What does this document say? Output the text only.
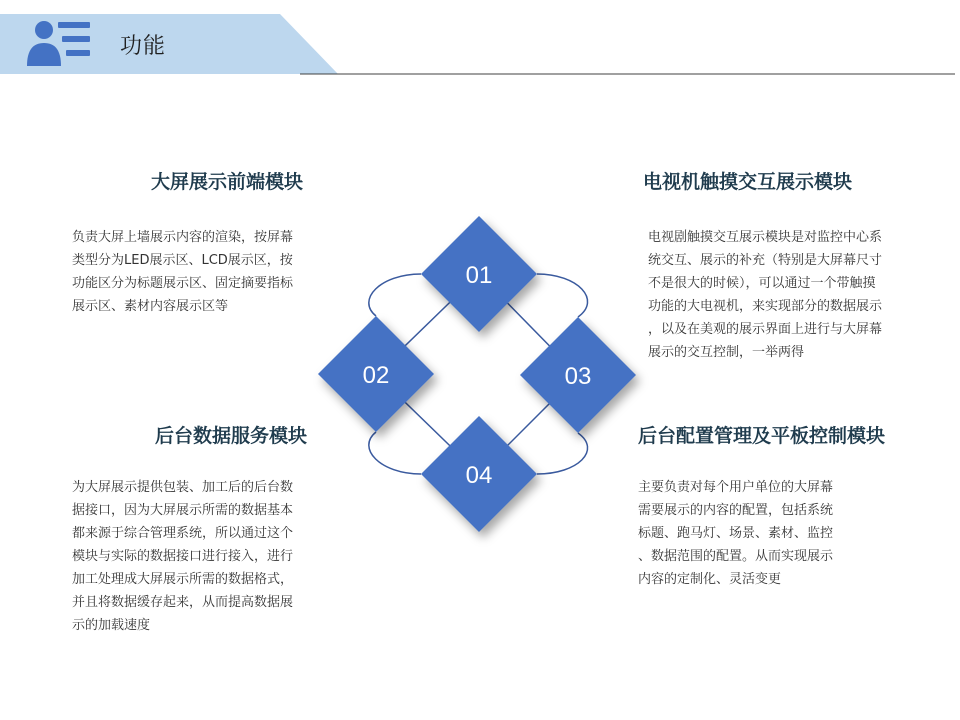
功能
大屏展示前端模块
负责大屏上墙展示内容的渲染，按屏幕
类型分为LED展示区、LCD展示区，按
功能区分为标题展示区、固定摘要指标
展示区、素材内容展示区等
电视机触摸交互展示模块
电视剧触摸交互展示模块是对监控中心系
统交互、展示的补充（特别是大屏幕尺寸
不是很大的时候），可以通过一个带触摸
功能的大电视机，来实现部分的数据展示
，以及在美观的展示界面上进行与大屏幕
展示的交互控制，一举两得
后台数据服务模块
为大屏展示提供包装、加工后的后台数
据接口，因为大屏展示所需的数据基本
都来源于综合管理系统，所以通过这个
模块与实际的数据接口进行接入，进行
加工处理成大屏展示所需的数据格式，
并且将数据缓存起来，从而提高数据展
示的加载速度
后台配置管理及平板控制模块
主要负责对每个用户单位的大屏幕
需要展示的内容的配置，包括系统
标题、跑马灯、场景、素材、监控
、数据范围的配置。从而实现展示
内容的定制化、灵活变更
01
02	03
04
